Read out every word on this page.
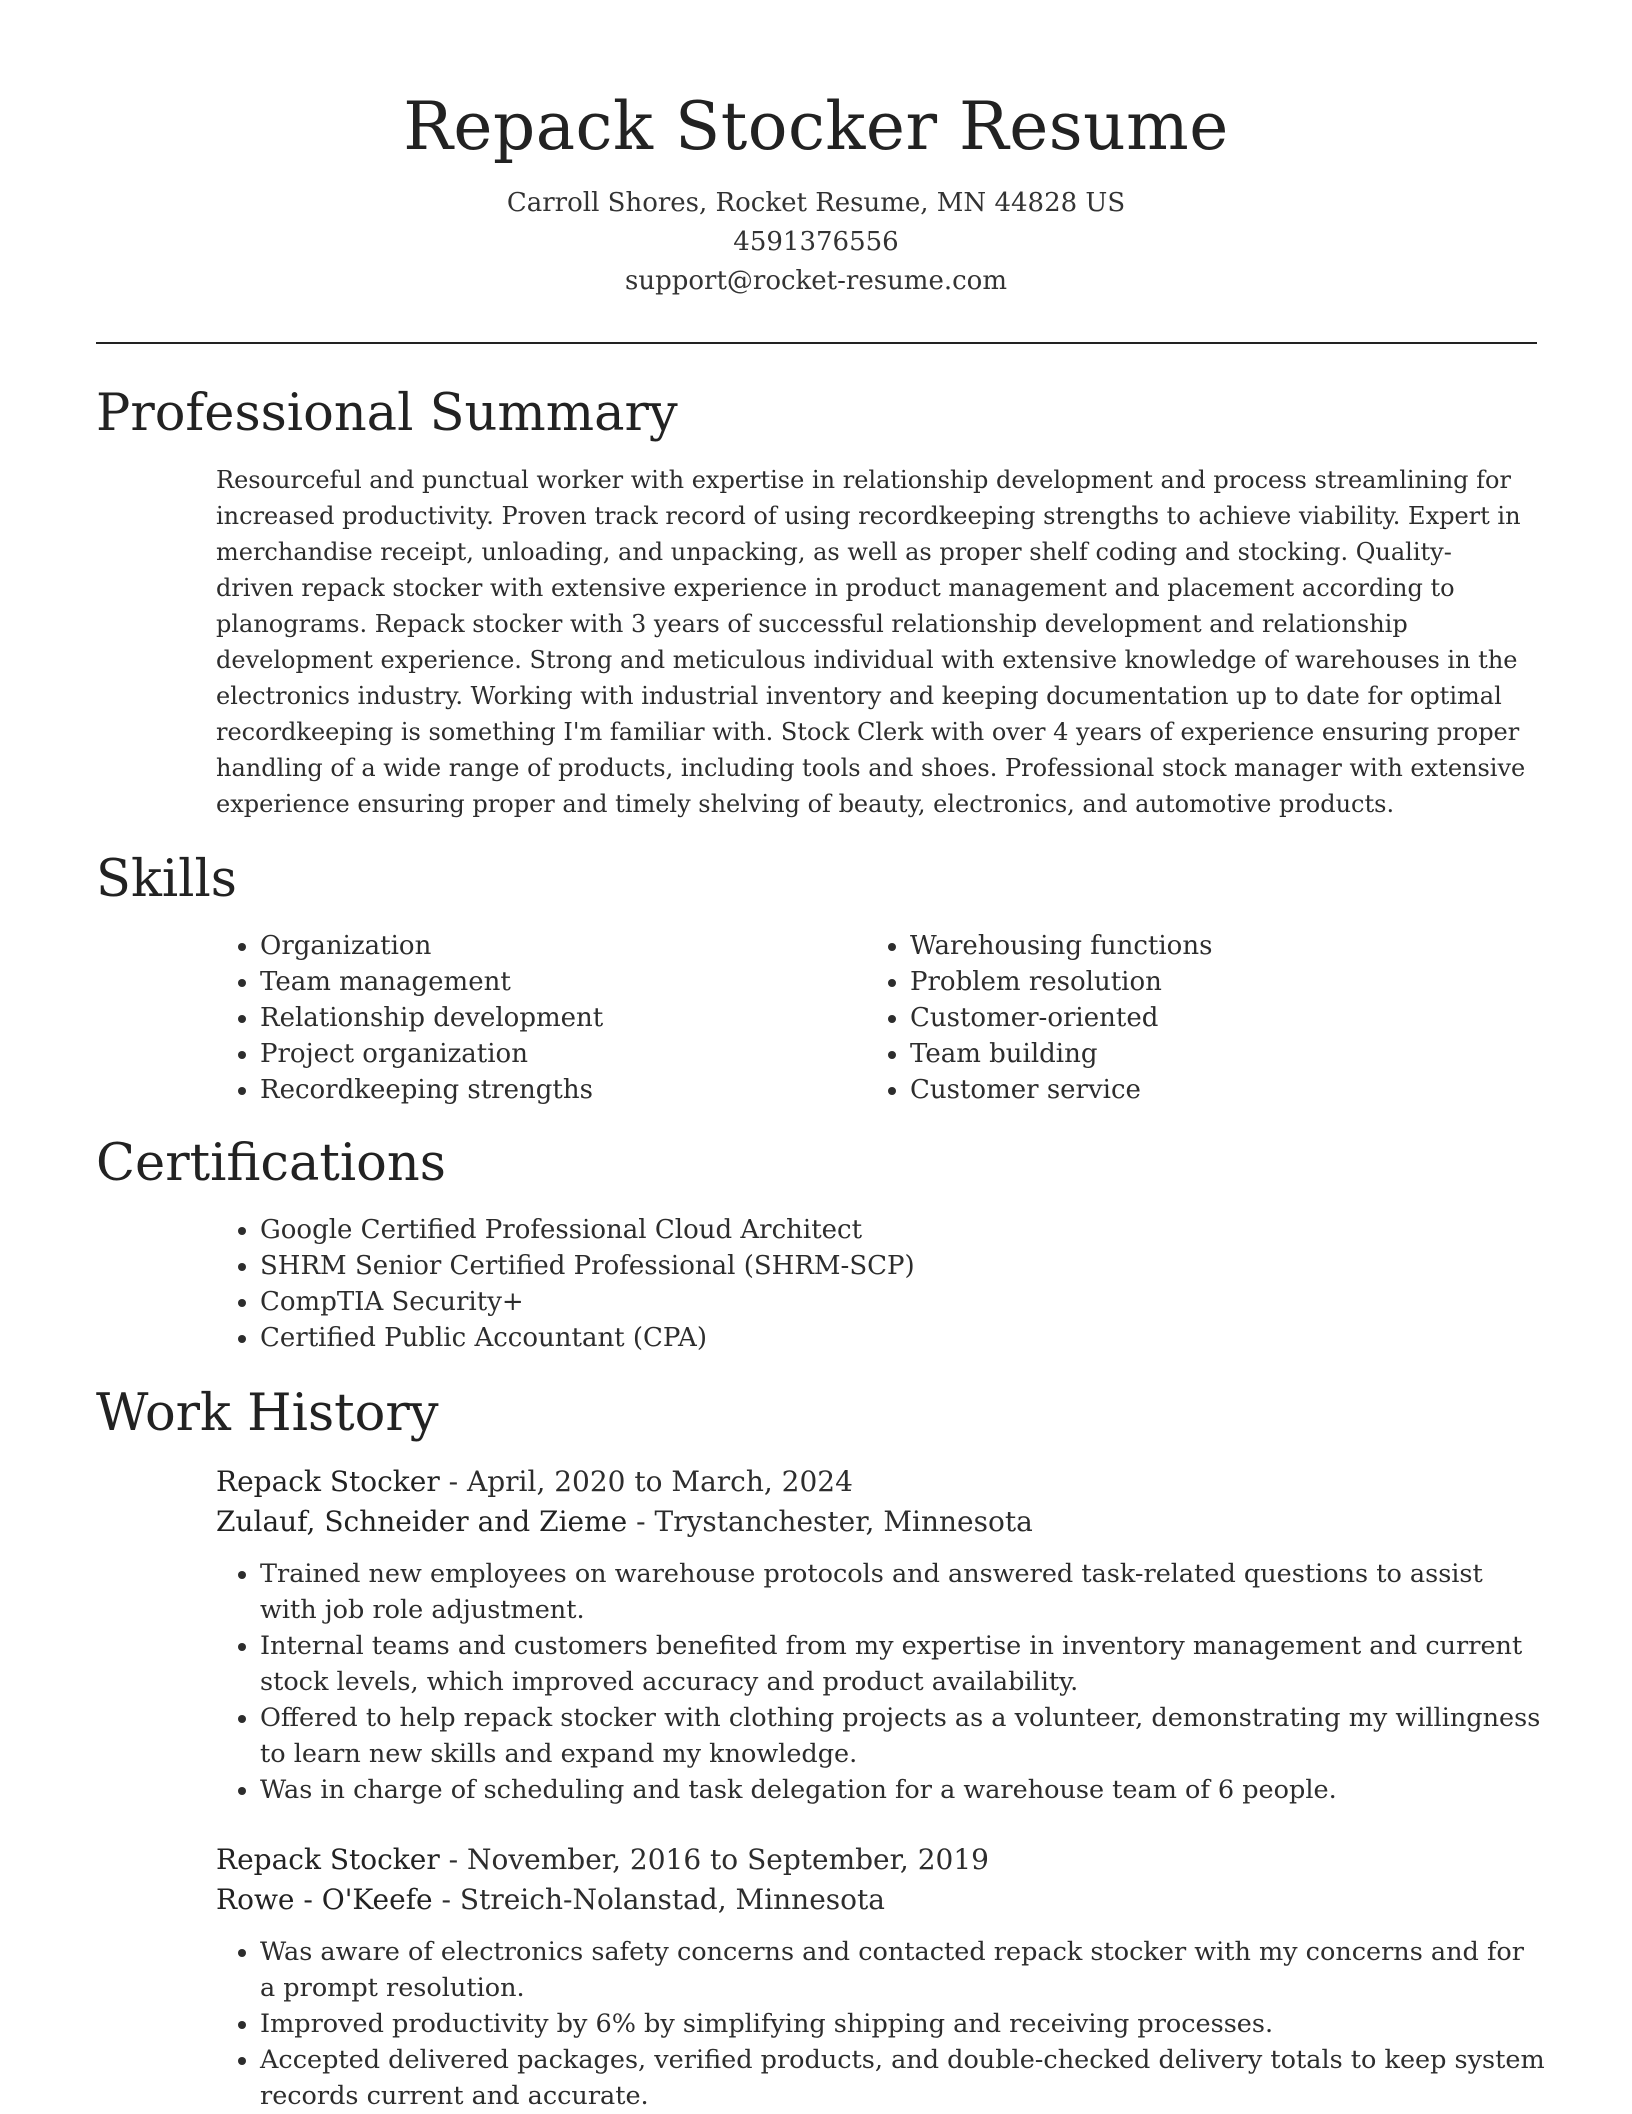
Repack Stocker Resume
Carroll Shores, Rocket Resume, MN 44828 US
4591376556
support@rocket-resume.com
Professional Summary

Resourceful and punctual worker with expertise in relationship development and process streamlining for increased productivity. Proven track record of using recordkeeping strengths to achieve viability. Expert in merchandise receipt, unloading, and unpacking, as well as proper shelf coding and stocking. Quality-driven repack stocker with extensive experience in product management and placement according to planograms. Repack stocker with 3 years of successful relationship development and relationship development experience. Strong and meticulous individual with extensive knowledge of warehouses in the electronics industry. Working with industrial inventory and keeping documentation up to date for optimal recordkeeping is something I'm familiar with. Stock Clerk with over 4 years of experience ensuring proper handling of a wide range of products, including tools and shoes. Professional stock manager with extensive experience ensuring proper and timely shelving of beauty, electronics, and automotive products.

Skills
• Organization
• Team management
• Relationship development
• Project organization
• Recordkeeping strengths
• Warehousing functions
• Problem resolution
• Customer-oriented
• Team building
• Customer service
Certifications
• Google Certified Professional Cloud Architect
• SHRM Senior Certified Professional (SHRM-SCP)
• CompTIA Security+
• Certified Public Accountant (CPA)
Work History
Repack Stocker - April, 2020 to March, 2024
Zulauf, Schneider and Zieme - Trystanchester, Minnesota
• Trained new employees on warehouse protocols and answered task-related questions to assist with job role adjustment.
• Internal teams and customers benefited from my expertise in inventory management and current stock levels, which improved accuracy and product availability.
• Offered to help repack stocker with clothing projects as a volunteer, demonstrating my willingness to learn new skills and expand my knowledge.
• Was in charge of scheduling and task delegation for a warehouse team of 6 people.
Repack Stocker - November, 2016 to September, 2019
Rowe - O'Keefe - Streich-Nolanstad, Minnesota
• Was aware of electronics safety concerns and contacted repack stocker with my concerns and for a prompt resolution.
• Improved productivity by 6% by simplifying shipping and receiving processes.
• Accepted delivered packages, verified products, and double-checked delivery totals to keep system records current and accurate.
